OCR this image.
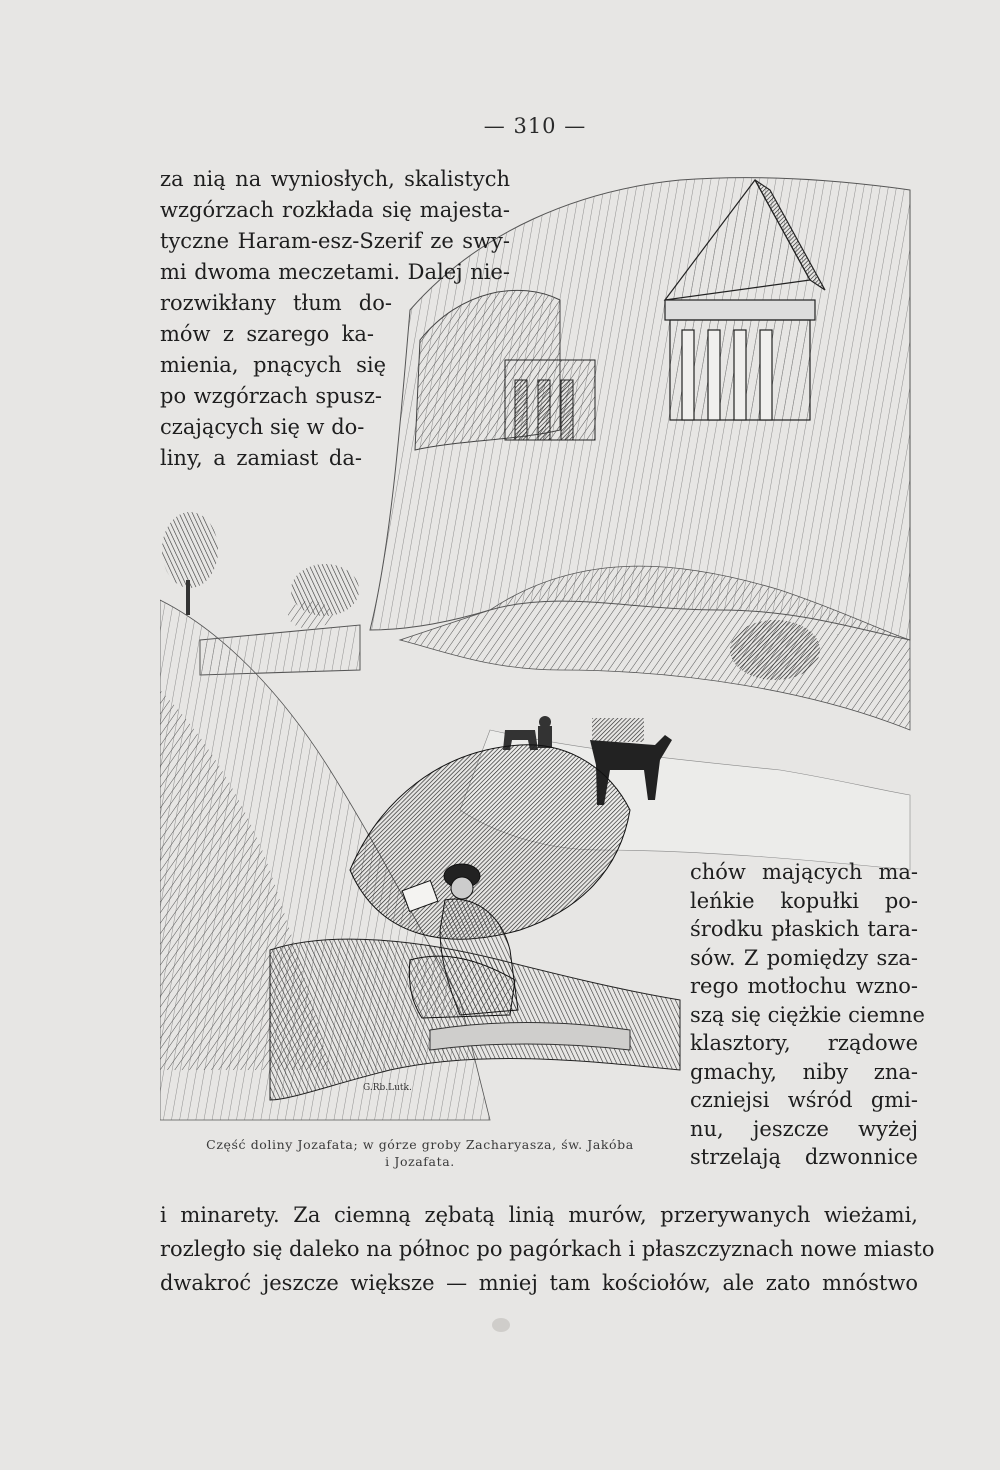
— 310 —
G.Rb.Lutk.
za nią na wyniosłych, skalistych
wzgórzach rozkłada się majesta-
tyczne Haram-esz-Szerif ze swy-
mi dwoma meczetami. Dalej nie-
rozwikłany tłum do-
mów z szarego ka-
mienia, pnących się
po wzgórzach spusz-
czających się w do-
liny, a zamiast da-
Część doliny Jozafata; w górze groby Zacharyasza, św. Jakóba
i Jozafata.
chów mających ma-
leńkie kopułki po-
środku płaskich tara-
sów. Z pomiędzy sza-
rego motłochu wzno-
szą się ciężkie ciemne
klasztory, rządowe
gmachy, niby zna-
czniejsi wśród gmi-
nu, jeszcze wyżej
strzelają dzwonnice
i minarety. Za ciemną zębatą linią murów, przerywanych wieżami,
rozległo się daleko na północ po pagórkach i płaszczyznach nowe miasto
dwakroć jeszcze większe — mniej tam kościołów, ale zato mnóstwo
